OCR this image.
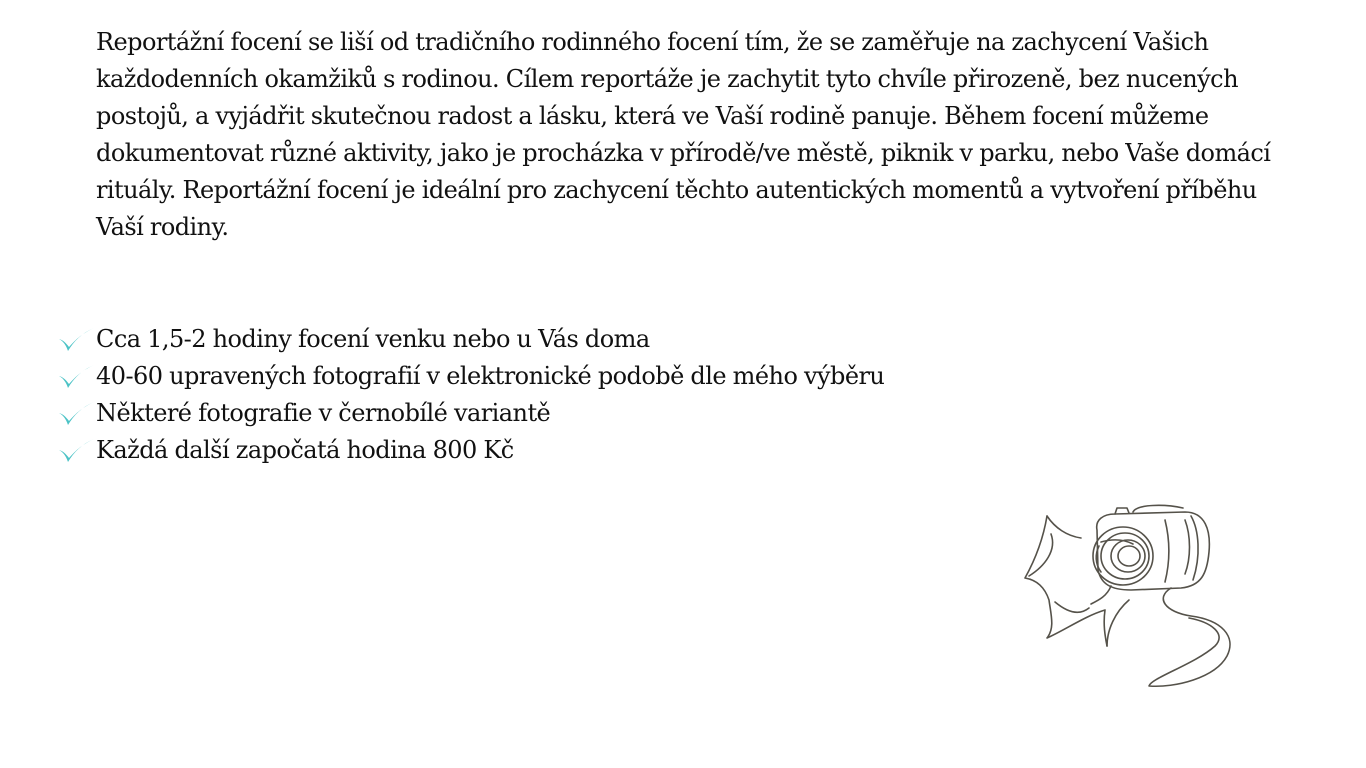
Reportážní focení se liší od tradičního rodinného focení tím, že se zaměřuje na zachycení Vašich každodenních okamžiků s rodinou. Cílem reportáže je zachytit tyto chvíle přirozeně, bez nucených postojů, a vyjádřit skutečnou radost a lásku, která ve Vaší rodině panuje. Během focení můžeme dokumentovat různé aktivity, jako je procházka v přírodě/ve městě, piknik v parku, nebo Vaše domácí rituály. Reportážní focení je ideální pro zachycení těchto autentických momentů a vytvoření příběhu Vaší rodiny.

Cca 1,5-2 hodiny focení venku nebo u Vás doma
40-60 upravených fotografií v elektronické podobě dle mého výběru
Některé fotografie v černobílé variantě
Každá další započatá hodina 800 Kč
